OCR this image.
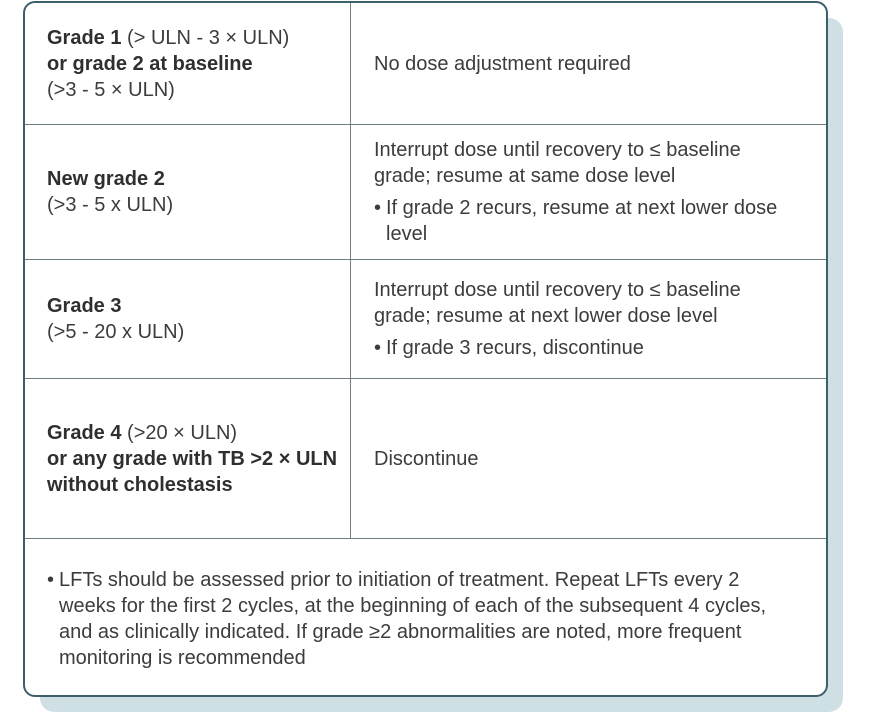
Grade 1 (> ULN - 3 × ULN)
or grade 2 at baseline
(>3 - 5 × ULN)
No dose adjustment required
New grade 2
(>3 - 5 x ULN)
Interrupt dose until recovery to ≤ baseline grade; resume at same dose level
• If grade 2 recurs, resume at next lower dose level
Grade 3
(>5 - 20 x ULN)
Interrupt dose until recovery to ≤ baseline grade; resume at next lower dose level
• If grade 3 recurs, discontinue
Grade 4 (>20 × ULN)
or any grade with TB >2 × ULN
without cholestasis
Discontinue
• LFTs should be assessed prior to initiation of treatment. Repeat LFTs every 2 weeks for the first 2 cycles, at the beginning of each of the subsequent 4 cycles, and as clinically indicated. If grade ≥2 abnormalities are noted, more frequent monitoring is recommended
